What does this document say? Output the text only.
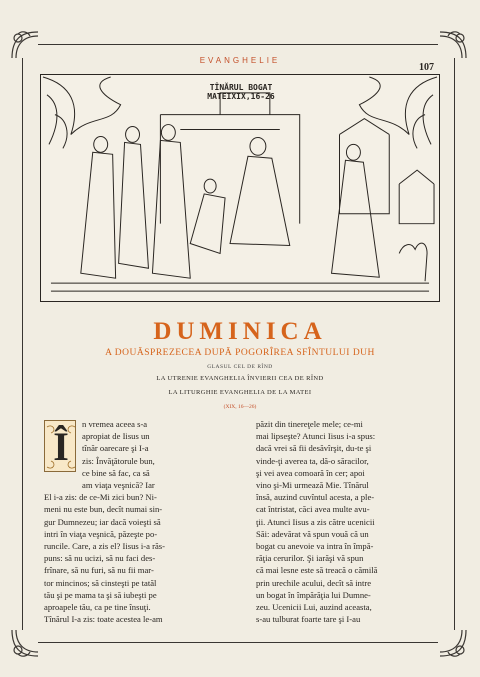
EVANGHELIE
107
TÎNĂRUL BOGAT
MATEIXIX,16-26
DUMINICA
A DOUĂSPREZECEA DUPĂ POGORÎREA SFÎNTULUI DUH
GLASUL CEL DE RÎND
LA UTRENIE EVANGHELIA ÎNVIERII CEA DE RÎND
LA LITURGHIE EVANGHELIA DE LA MATEI
(XIX, 16—26)
Î	n vremea aceea s-a
apropiat de Iisus un
tînăr oarecare şi I-a
zis: Învăţătorule bun,
ce bine să fac, ca să
am viaţa veşnică? Iar
El i-a zis: de ce-Mi zici bun? Ni-
meni nu este bun, decît numai sin-
gur Dumnezeu; iar dacă voieşti să
intri în viaţa veşnică, păzeşte po-
runcile. Care, a zis el? Iisus i-a răs-
puns: să nu ucizi, să nu faci des-
frînare, să nu furi, să nu fii mar-
tor mincinos; să cinsteşti pe tatăl
tău şi pe mama ta şi să iubeşti pe
aproapele tău, ca pe tine însuţi.
Tînărul I-a zis: toate acestea le-am
păzit din tinereţele mele; ce-mi
mai lipseşte? Atunci Iisus i-a spus:
dacă vrei să fii desăvîrşit, du-te şi
vinde-ţi averea ta, dă-o săracilor,
şi vei avea comoară în cer; apoi
vino şi-Mi urmează Mie. Tînărul
însă, auzind cuvîntul acesta, a ple-
cat întristat, căci avea multe avu-
ţii. Atunci Iisus a zis către ucenicii
Săi: adevărat vă spun vouă că un
bogat cu anevoie va intra în împă-
răţia cerurilor. Şi iarăşi vă spun
că mai lesne este să treacă o cămilă
prin urechile acului, decît să intre
un bogat în împărăţia lui Dumne-
zeu. Ucenicii Lui, auzind aceasta,
s-au tulburat foarte tare şi I-au
